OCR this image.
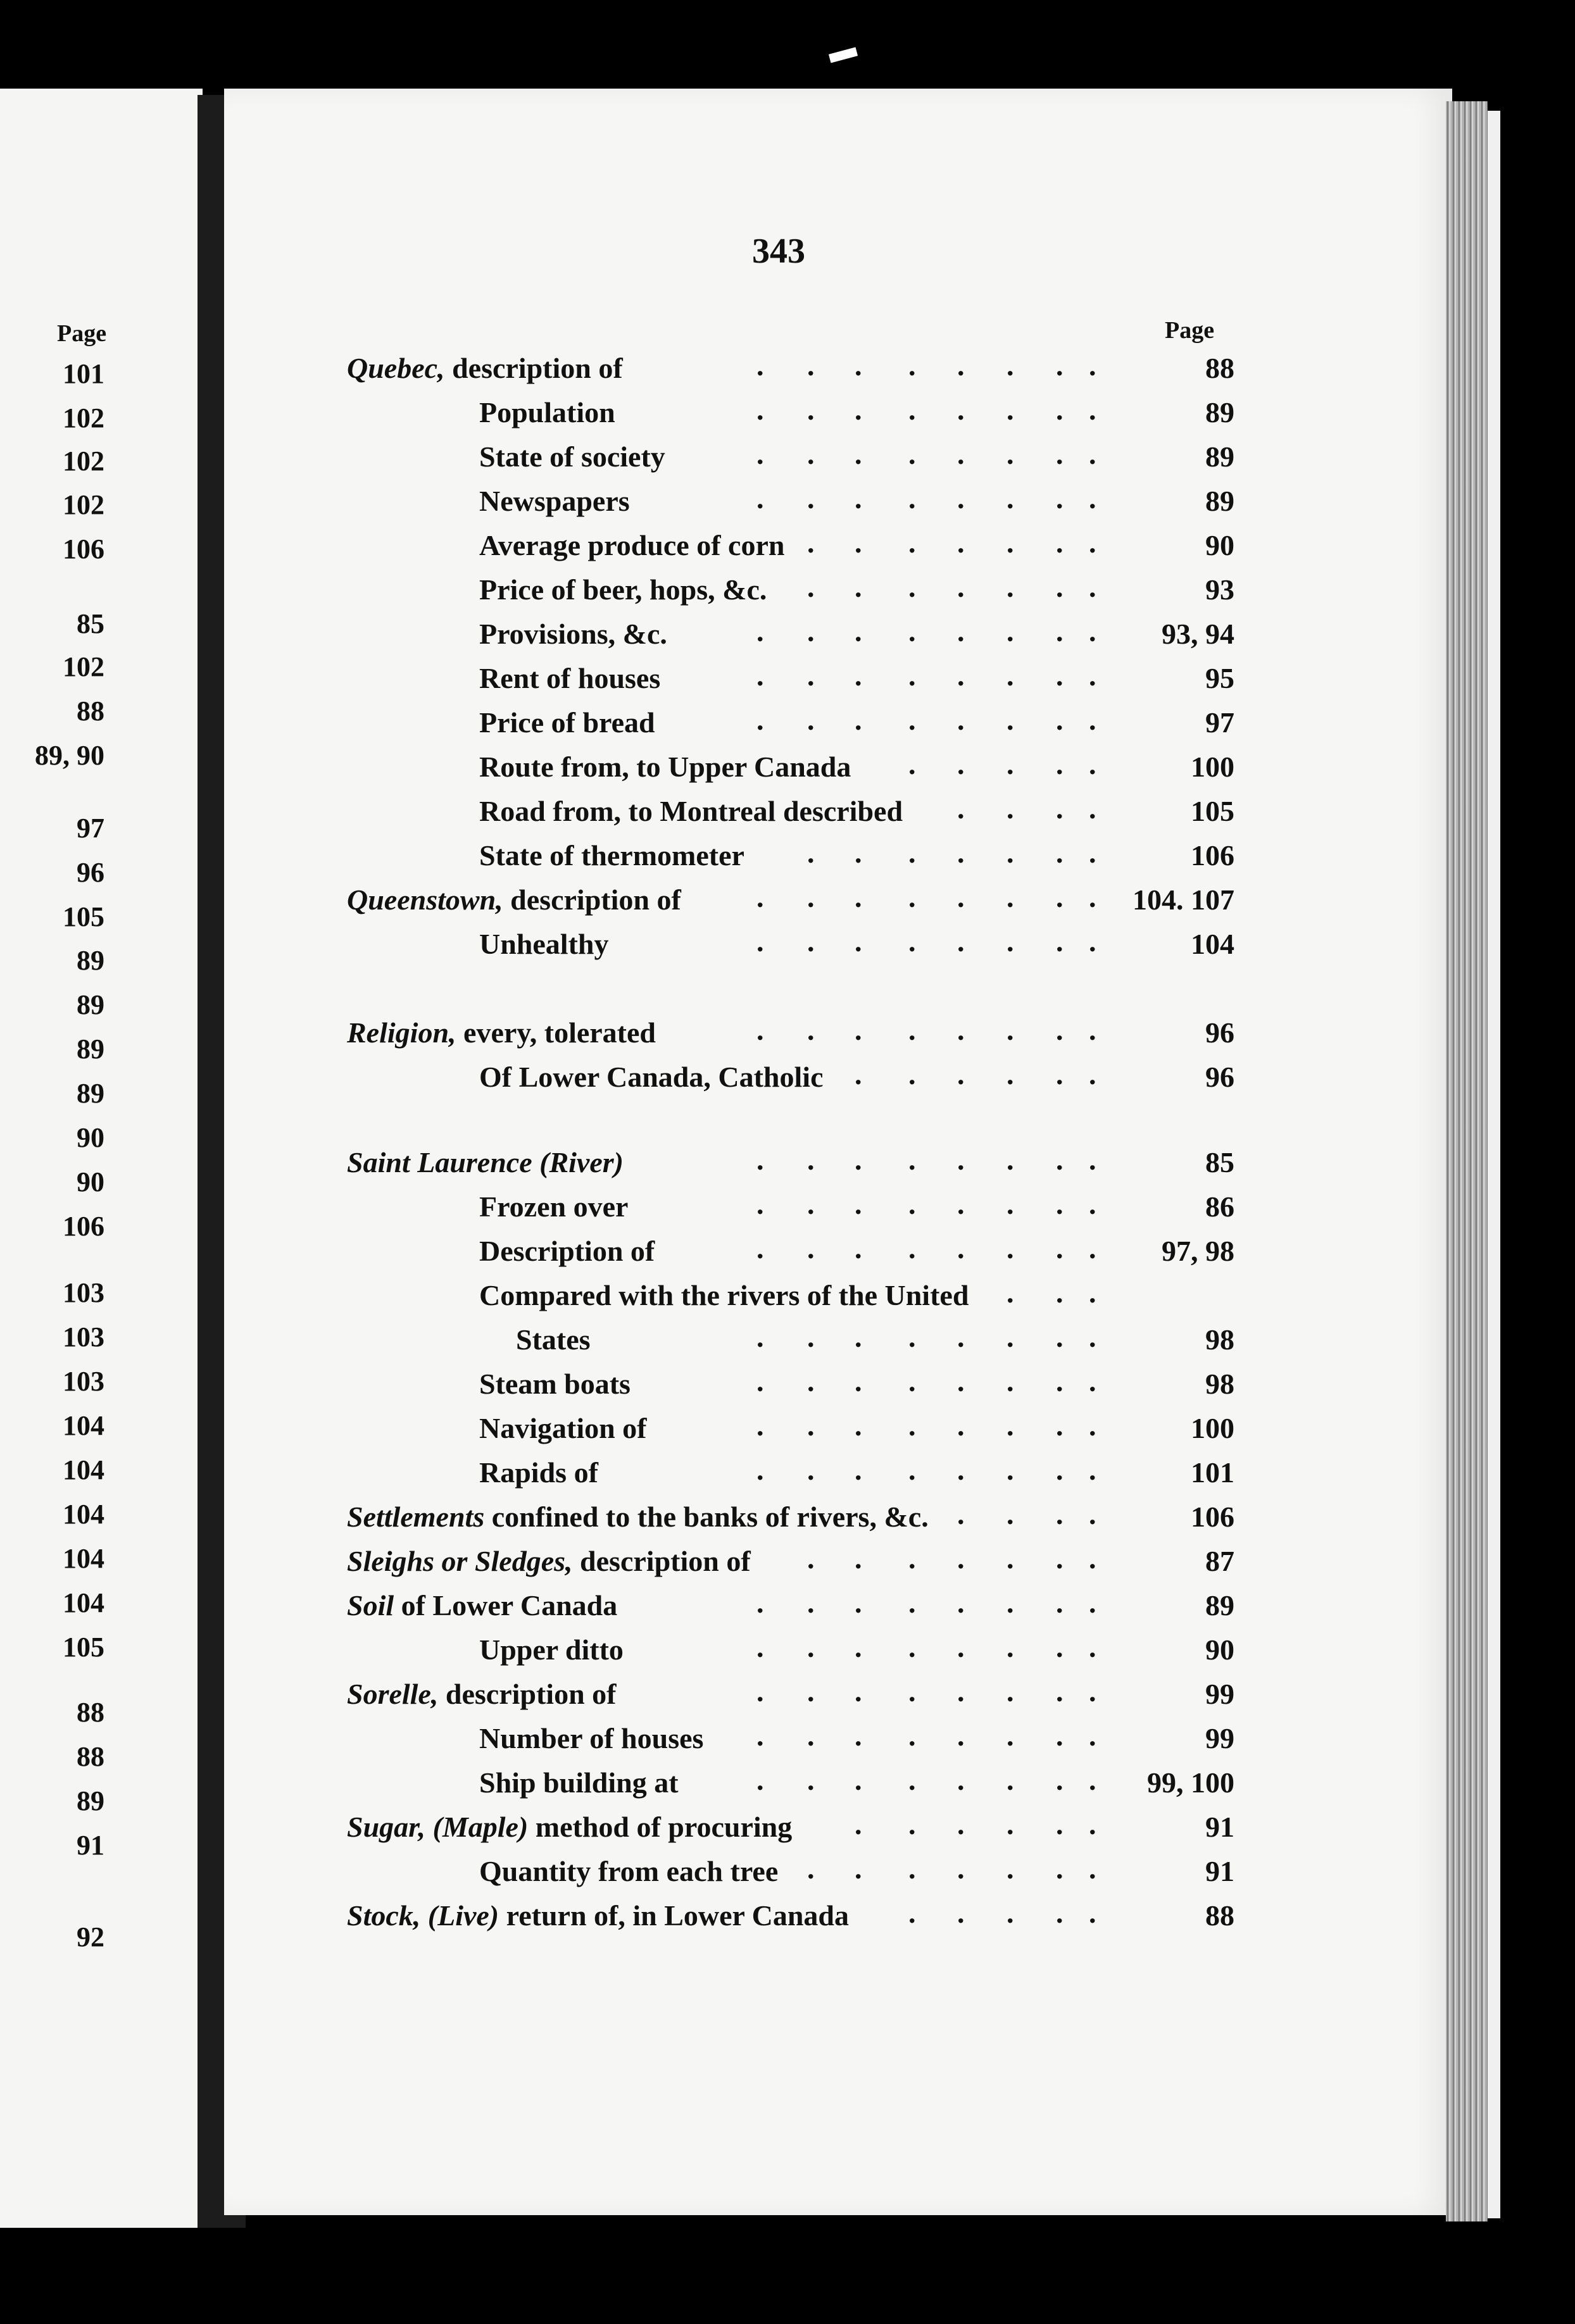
Page
101
102
102
102
106
85
102
88
89, 90
97
96
105
89
89
89
89
90
90
106
103
103
103
104
104
104
104
104
105
88
88
89
91
92
343
Page
Quebec, description of	88
. . . . . . . .
Population	89
. . . . . . . .
State of society	89
. . . . . . . .
Newspapers	89
. . . . . . . .
Average produce of corn	90
. . . . . . .
Price of beer, hops, &c.	93
. . . . . . .
Provisions, &c.	93, 94
. . . . . . . .
Rent of houses	95
. . . . . . . .
Price of bread	97
. . . . . . . .
Route from, to Upper Canada	100
. . . . .
Road from, to Montreal described	105
. . . .
State of thermometer	106
. . . . . . .
Queenstown, description of	104. 107
. . . . . . . .
Unhealthy	104
. . . . . . . .
Religion, every, tolerated	96
. . . . . . . .
Of Lower Canada, Catholic	96
. . . . . .
Saint Laurence (River)	85
. . . . . . . .
Frozen over	86
. . . . . . . .
Description of	97, 98
. . . . . . . .
Compared with the rivers of the United . . .
States	98
. . . . . . . .
Steam boats	98
. . . . . . . .
Navigation of	100
. . . . . . . .
Rapids of	101
. . . . . . . .
Settlements confined to the banks of rivers, &c.	106
. . . .
Sleighs or Sledges, description of	87
. . . . . . .
Soil of Lower Canada	89
. . . . . . . .
Upper ditto	90
. . . . . . . .
Sorelle, description of	99
. . . . . . . .
Number of houses	99
. . . . . . . .
Ship building at	99, 100
. . . . . . . .
Sugar, (Maple) method of procuring	91
. . . . . .
Quantity from each tree	91
. . . . . . .
Stock, (Live) return of, in Lower Canada	88
. . . . .
